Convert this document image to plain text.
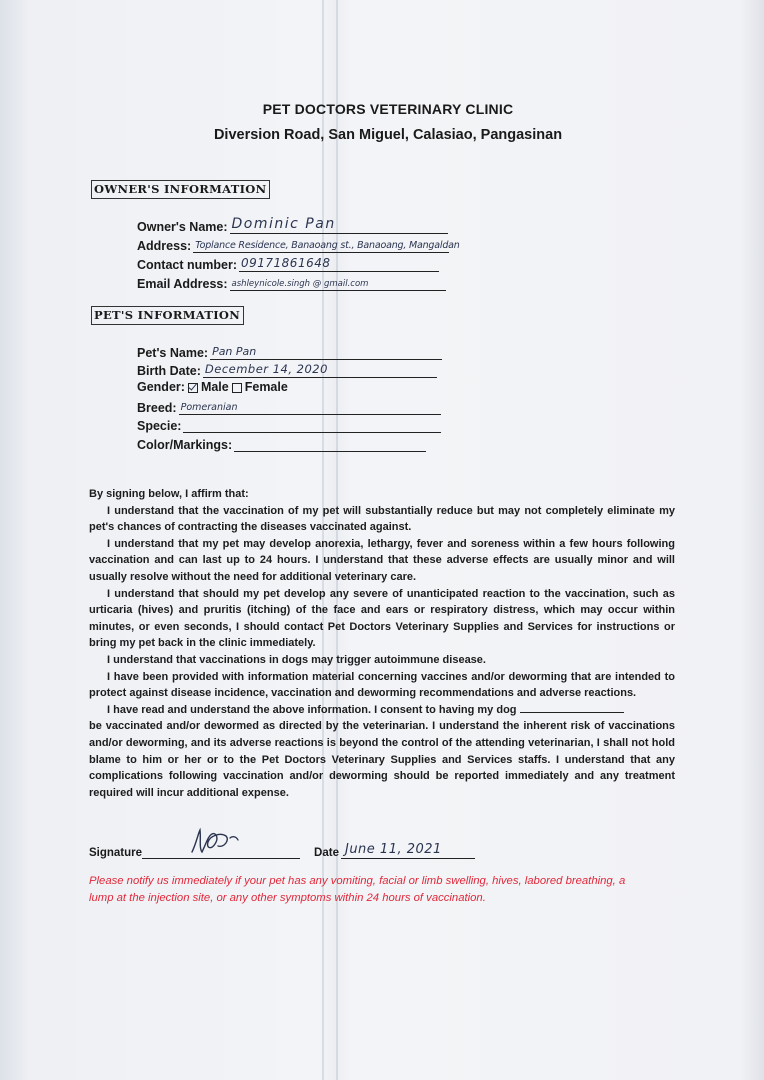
PET DOCTORS VETERINARY CLINIC
Diversion Road, San Miguel, Calasiao, Pangasinan
OWNER'S INFORMATION
Owner's Name: Dominic Pan
Address: Toplance Residence, Banaoang st., Banaoang, Mangaldan
Contact number: 09171861648
Email Address: ashleynicole.singh @ gmail.com
PET'S INFORMATION
Pet's Name: Pan Pan
Birth Date: December 14, 2020
Gender: Male Female
Breed: Pomeranian
Specie:
Color/Markings:

By signing below, I affirm that:

I understand that the vaccination of my pet will substantially reduce but may not completely eliminate my pet's chances of contracting the diseases vaccinated against.

I understand that my pet may develop anorexia, lethargy, fever and soreness within a few hours following vaccination and can last up to 24 hours. I understand that these adverse effects are usually minor and will usually resolve without the need for additional veterinary care.

I understand that should my pet develop any severe of unanticipated reaction to the vaccination, such as urticaria (hives) and pruritis (itching) of the face and ears or respiratory distress, which may occur within minutes, or even seconds, I should contact Pet Doctors Veterinary Supplies and Services for instructions or bring my pet back in the clinic immediately.

I understand that vaccinations in dogs may trigger autoimmune disease.

I have been provided with information material concerning vaccines and/or deworming that are intended to protect against disease incidence, vaccination and deworming recommendations and adverse reactions.

I have read and understand the above information. I consent to having my dog

be vaccinated and/or dewormed as directed by the veterinarian. I understand the inherent risk of vaccinations and/or deworming, and its adverse reactions is beyond the control of the attending veterinarian, I shall not hold blame to him or her or to the Pet Doctors Veterinary Supplies and Services staffs. I understand that any complications following vaccination and/or deworming should be reported immediately and any treatment required will incur additional expense.

Signature	Date June 11, 2021
Please notify us immediately if your pet has any vomiting, facial or limb swelling, hives, labored breathing, a lump at the injection site, or any other symptoms within 24 hours of vaccination.
